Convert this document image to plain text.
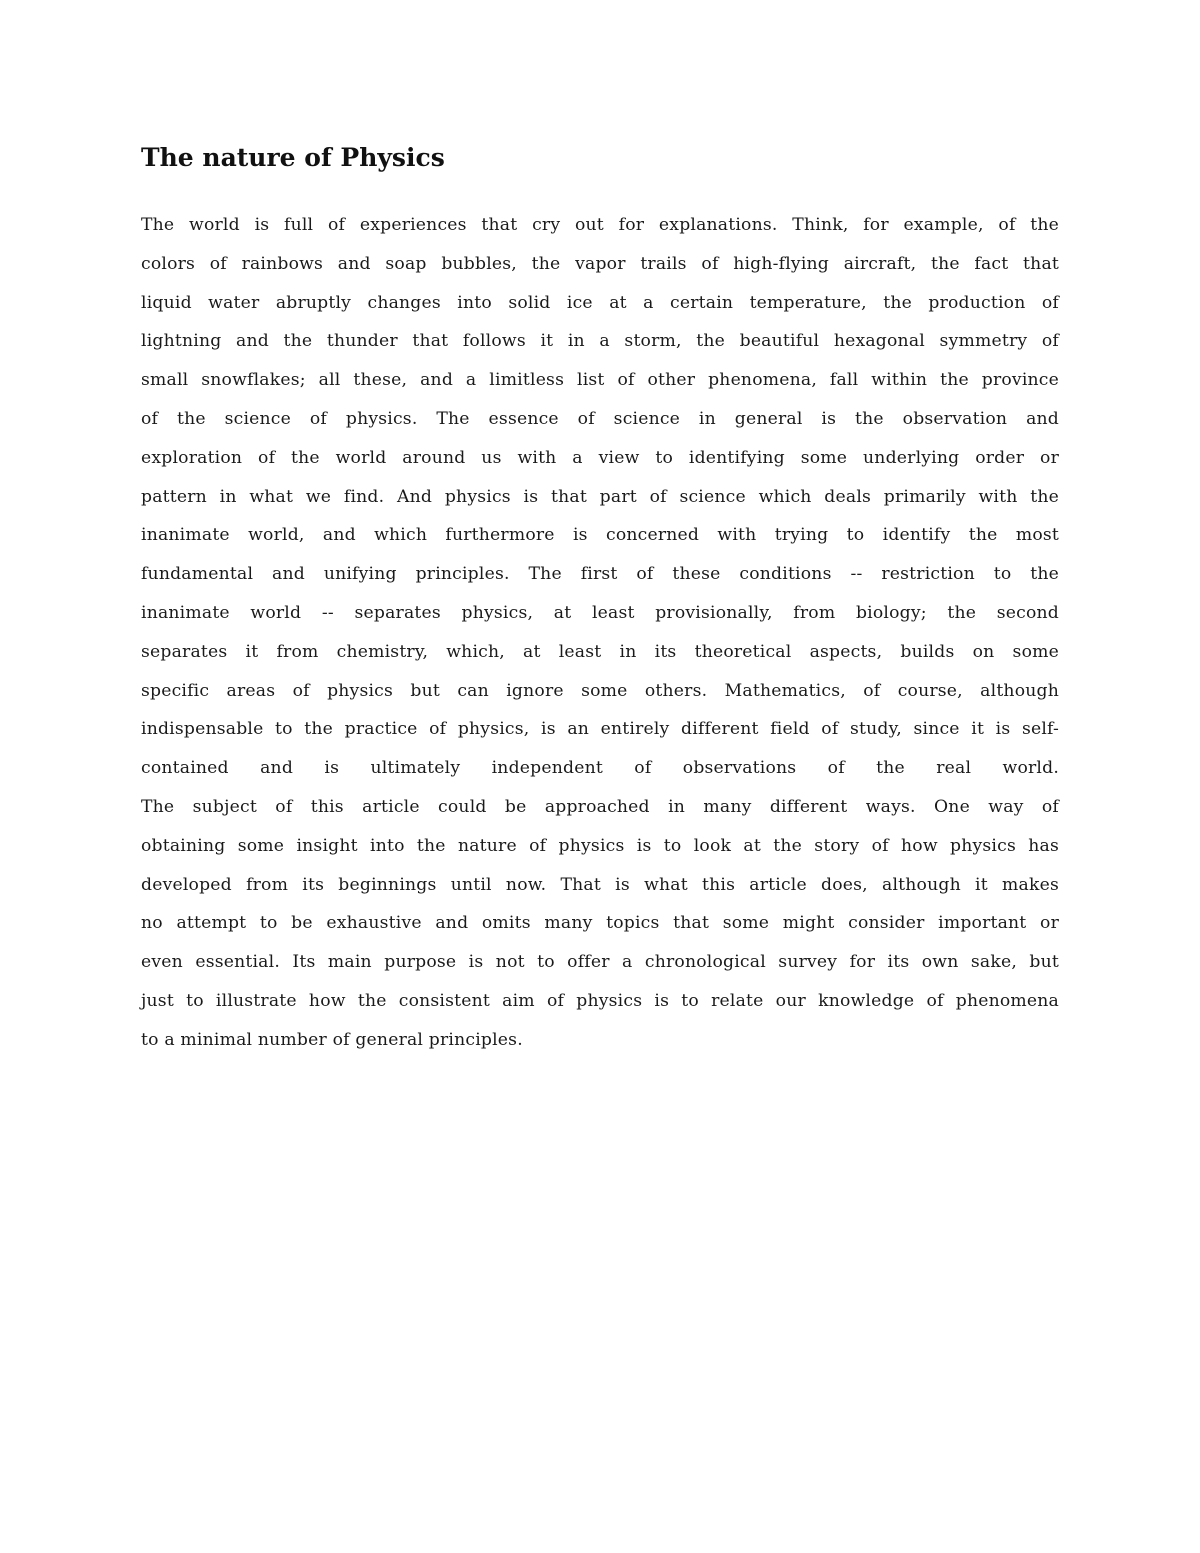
The nature of Physics
The world is full of experiences that cry out for explanations. Think, for example, of the
colors of rainbows and soap bubbles, the vapor trails of high-flying aircraft, the fact that
liquid water abruptly changes into solid ice at a certain temperature, the production of
lightning and the thunder that follows it in a storm, the beautiful hexagonal symmetry of
small snowflakes; all these, and a limitless list of other phenomena, fall within the province
of the science of physics. The essence of science in general is the observation and
exploration of the world around us with a view to identifying some underlying order or
pattern in what we find. And physics is that part of science which deals primarily with the
inanimate world, and which furthermore is concerned with trying to identify the most
fundamental and unifying principles. The first of these conditions -- restriction to the
inanimate world -- separates physics, at least provisionally, from biology; the second
separates it from chemistry, which, at least in its theoretical aspects, builds on some
specific areas of physics but can ignore some others. Mathematics, of course, although
indispensable to the practice of physics, is an entirely different field of study, since it is self-
contained and is ultimately independent of observations of the real world.
The subject of this article could be approached in many different ways. One way of
obtaining some insight into the nature of physics is to look at the story of how physics has
developed from its beginnings until now. That is what this article does, although it makes
no attempt to be exhaustive and omits many topics that some might consider important or
even essential. Its main purpose is not to offer a chronological survey for its own sake, but
just to illustrate how the consistent aim of physics is to relate our knowledge of phenomena
to a minimal number of general principles.
